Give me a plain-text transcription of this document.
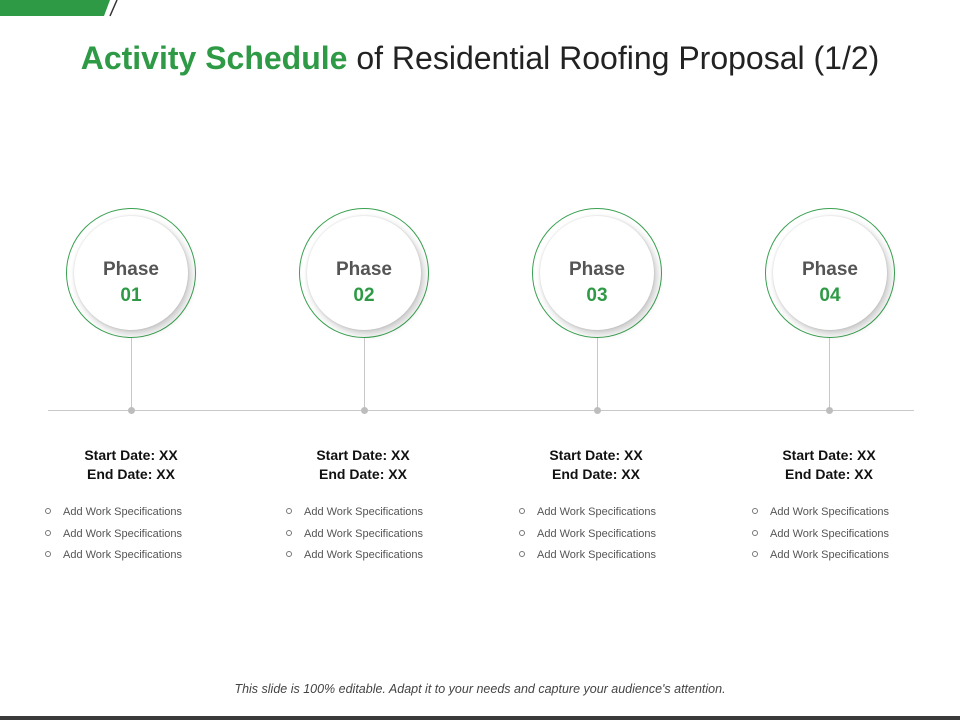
Activity Schedule of Residential Roofing Proposal (1/2)
Phase
01
Start Date: XX
End Date: XX
Add Work Specifications
Add Work Specifications
Add Work Specifications
Phase
02
Start Date: XX
End Date: XX
Add Work Specifications
Add Work Specifications
Add Work Specifications
Phase
03
Start Date: XX
End Date: XX
Add Work Specifications
Add Work Specifications
Add Work Specifications
Phase
04
Start Date: XX
End Date: XX
Add Work Specifications
Add Work Specifications
Add Work Specifications
This slide is 100% editable. Adapt it to your needs and capture your audience's attention.
